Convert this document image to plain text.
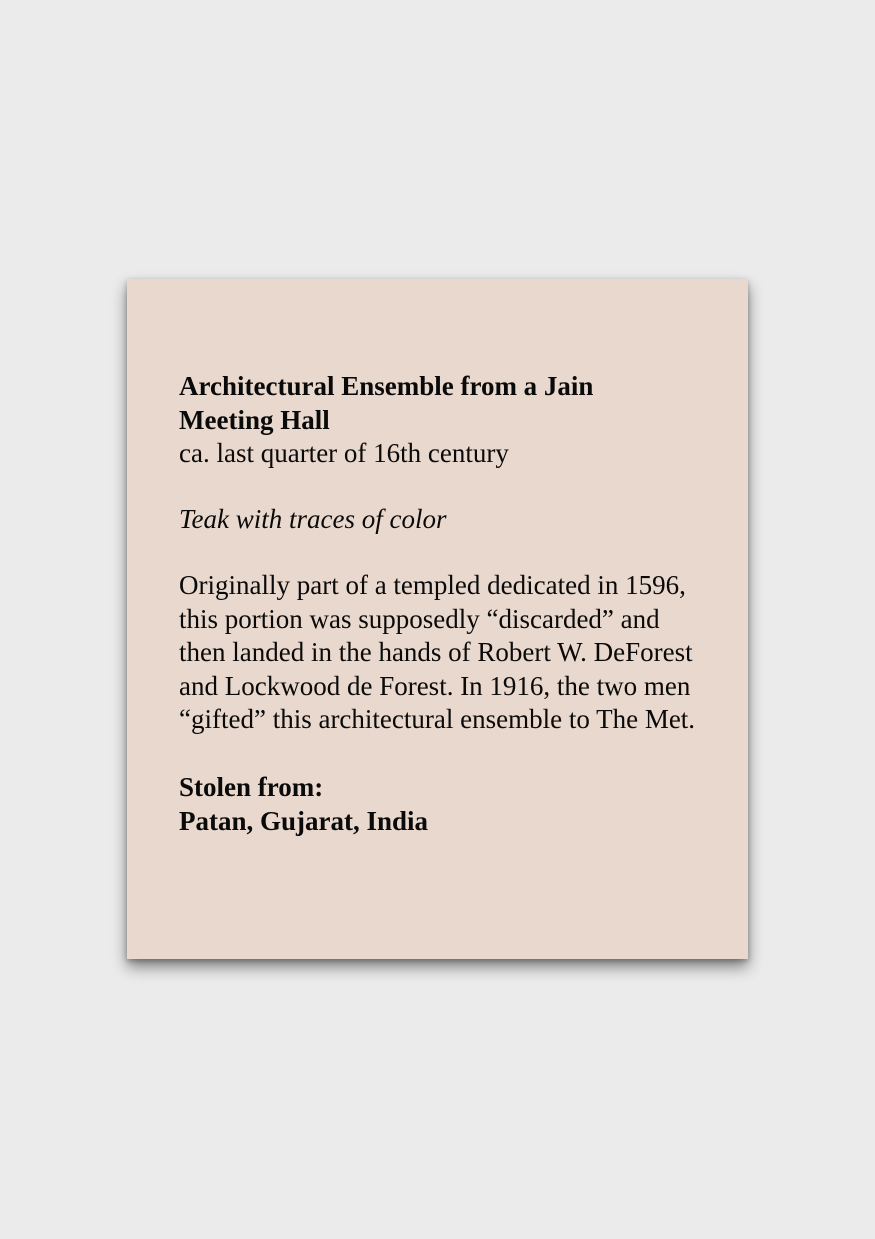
Architectural Ensemble from a Jain Meeting Hall

ca. last quarter of 16th century

Teak with traces of color

Originally part of a templed dedicated in 1596, this portion was supposedly “discarded” and then landed in the hands of Robert W. DeForest and Lockwood de Forest. In 1916, the two men “gifted” this architectural ensemble to The Met.

Stolen from:
Patan, Gujarat, India
